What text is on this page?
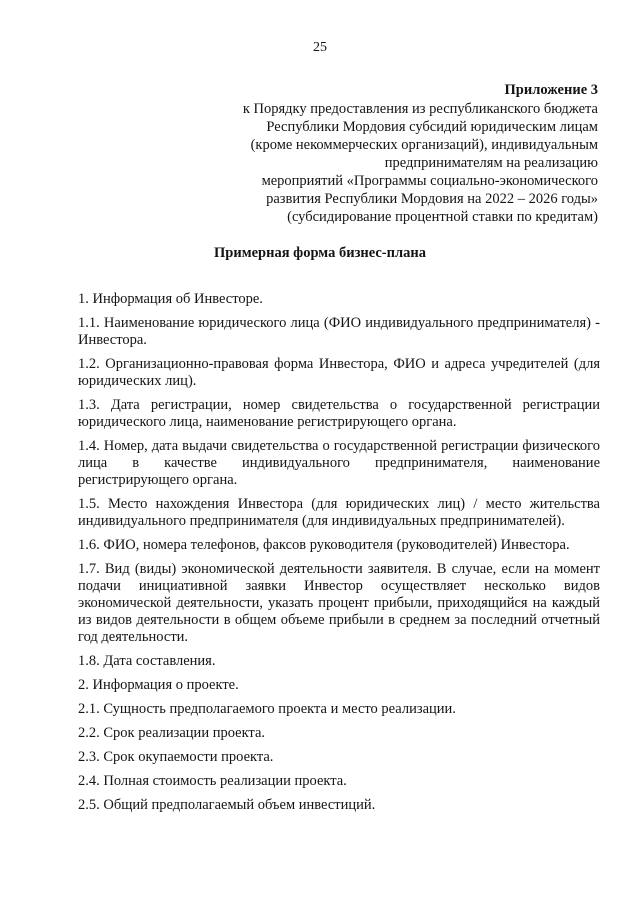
25
Приложение 3
к Порядку предоставления из республиканского бюджета
Республики Мордовия субсидий юридическим лицам
(кроме некоммерческих организаций), индивидуальным
предпринимателям на реализацию
мероприятий «Программы социально-экономического
развития Республики Мордовия на 2022 – 2026 годы»
(субсидирование процентной ставки по кредитам)
Примерная форма бизнес-плана

1. Информация об Инвесторе.

1.1. Наименование юридического лица (ФИО индивидуального предпринимателя) - Инвестора.

1.2. Организационно-правовая форма Инвестора, ФИО и адреса учредителей (для юридических лиц).

1.3. Дата регистрации, номер свидетельства о государственной регистрации юридического лица, наименование регистрирующего органа.

1.4. Номер, дата выдачи свидетельства о государственной регистрации физического лица в качестве индивидуального предпринимателя, наименование регистрирующего органа.

1.5. Место нахождения Инвестора (для юридических лиц) / место жительства индивидуального предпринимателя (для индивидуальных предпринимателей).

1.6. ФИО, номера телефонов, факсов руководителя (руководителей) Инвестора.

1.7. Вид (виды) экономической деятельности заявителя. В случае, если на момент подачи инициативной заявки Инвестор осуществляет несколько видов экономической деятельности, указать процент прибыли, приходящийся на каждый из видов деятельности в общем объеме прибыли в среднем за последний отчетный год деятельности.

1.8. Дата составления.

2. Информация о проекте.

2.1. Сущность предполагаемого проекта и место реализации.

2.2. Срок реализации проекта.

2.3. Срок окупаемости проекта.

2.4. Полная стоимость реализации проекта.

2.5. Общий предполагаемый объем инвестиций.
